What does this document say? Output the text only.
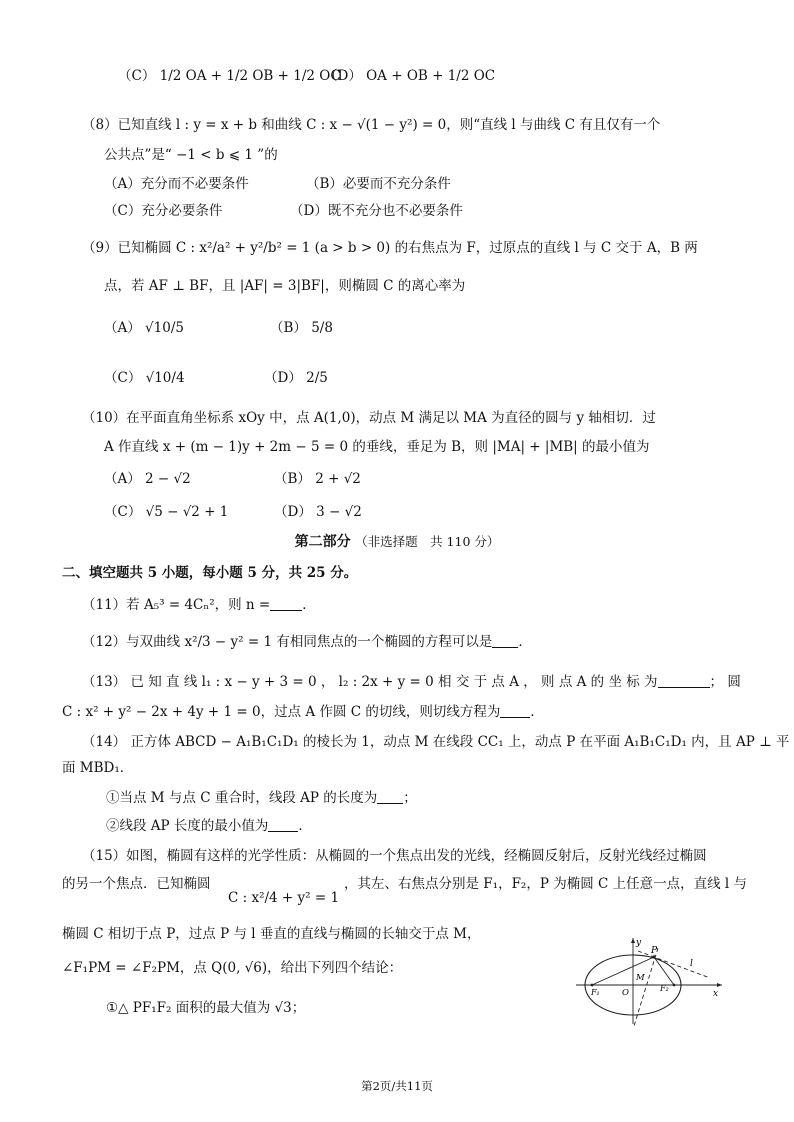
（C） 1/2 OA + 1/2 OB + 1/2 OC
（D） OA + OB + 1/2 OC
（8）已知直线 l : y = x + b 和曲线 C : x − √(1 − y²) = 0，则“直线 l 与曲线 C 有且仅有一个
公共点”是“ −1 < b ⩽ 1 ”的
（A）充分而不必要条件	（B）必要而不充分条件
（C）充分必要条件	（D）既不充分也不必要条件
（9）已知椭圆 C : x²/a² + y²/b² = 1 (a > b > 0) 的右焦点为 F，过原点的直线 l 与 C 交于 A，B 两
点，若 AF ⊥ BF，且 |AF| = 3|BF|，则椭圆 C 的离心率为
（A） √10/5	（B） 5/8
（C） √10/4	（D） 2/5
（10）在平面直角坐标系 xOy 中，点 A(1,0)，动点 M 满足以 MA 为直径的圆与 y 轴相切．过
A 作直线 x + (m − 1)y + 2m − 5 = 0 的垂线，垂足为 B，则 |MA| + |MB| 的最小值为
（A） 2 − √2	（B） 2 + √2
（C） √5 − √2 + 1	（D） 3 − √2
第二部分 （非选择题　共 110 分）
二、填空题共 5 小题，每小题 5 分，共 25 分。
（11）若 A₅³ = 4Cₙ²，则 n = ．
（12）与双曲线 x²/3 − y² = 1 有相同焦点的一个椭圆的方程可以是 ．
（13） 已 知 直 线 l₁ : x − y + 3 = 0 ， l₂ : 2x + y = 0 相 交 于 点 A ， 则 点 A 的 坐 标 为	； 圆
C : x² + y² − 2x + 4y + 1 = 0，过点 A 作圆 C 的切线，则切线方程为 ．
（14） 正方体 ABCD − A₁B₁C₁D₁ 的棱长为 1，动点 M 在线段 CC₁ 上，动点 P 在平面 A₁B₁C₁D₁ 内，且 AP ⊥ 平
面 MBD₁．
①当点 M 与点 C 重合时，线段 AP 的长度为 ；
②线段 AP 长度的最小值为 ．
（15）如图，椭圆有这样的光学性质：从椭圆的一个焦点出发的光线，经椭圆反射后，反射光线经过椭圆
的另一个焦点．已知椭圆
C : x²/4 + y² = 1
，其左、右焦点分别是 F₁，F₂，P 为椭圆 C 上任意一点，直线 l 与
椭圆 C 相切于点 P，过点 P 与 l 垂直的直线与椭圆的长轴交于点 M，
∠F₁PM = ∠F₂PM，点 Q(0, √6)，给出下列四个结论：
①△ PF₁F₂ 面积的最大值为 √3；
y
x
P
l
M
O
F₁	F₂
第2页/共11页
